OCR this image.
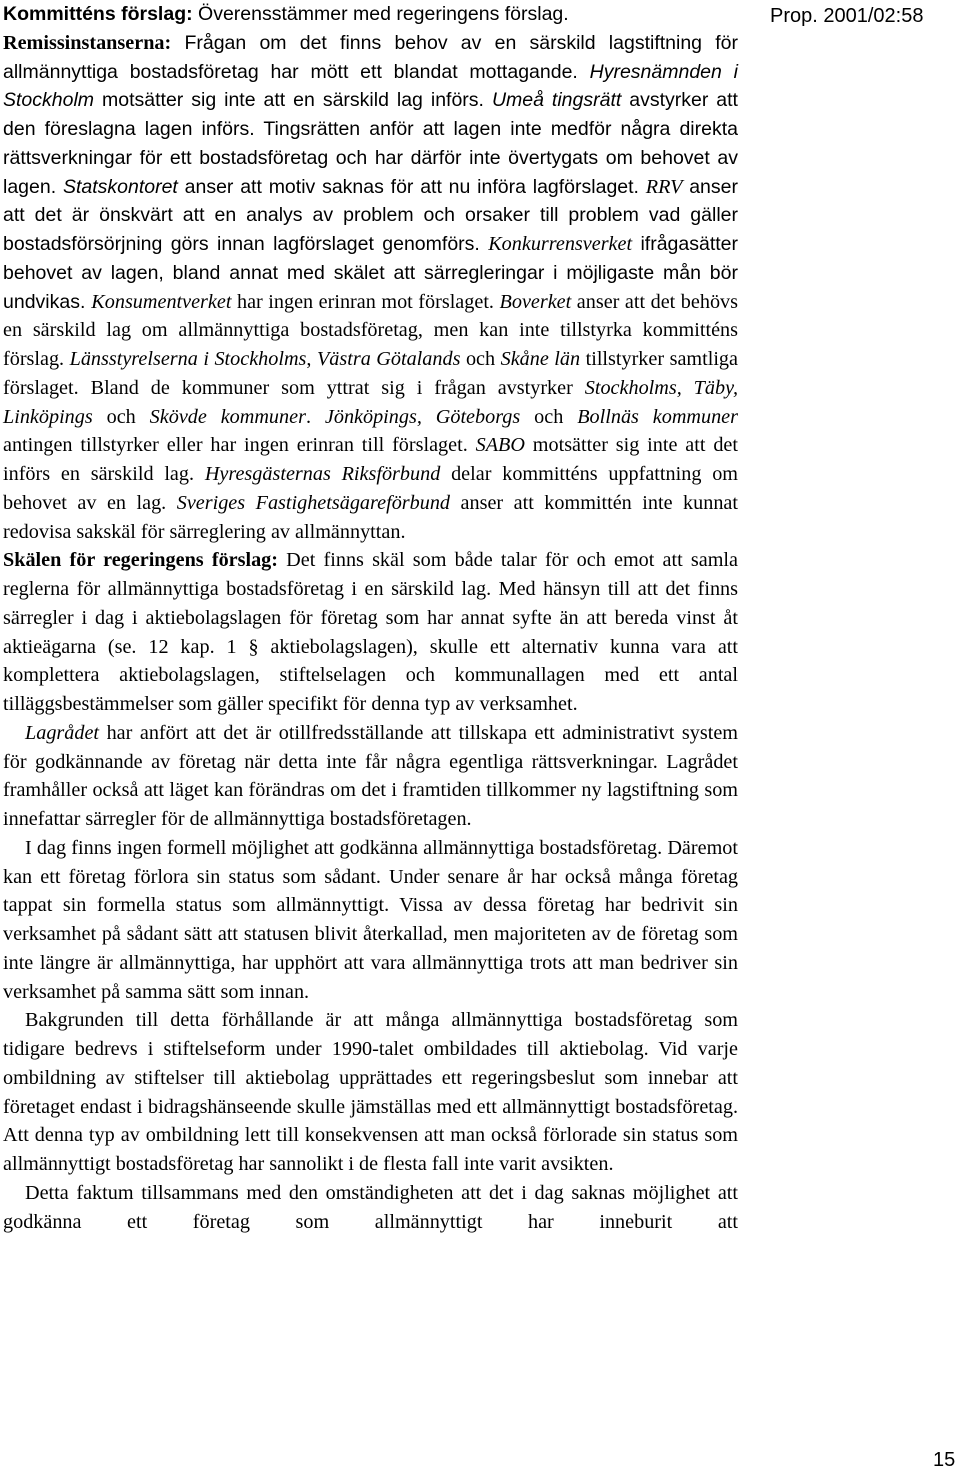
Prop. 2001/02:58

Kommitténs förslag: Överensstämmer med regeringens förslag.

Remissinstanserna: Frågan om det finns behov av en särskild lagstiftning för allmännyttiga bostadsföretag har mött ett blandat mottagande. Hyresnämnden i Stockholm motsätter sig inte att en särskild lag införs. Umeå tingsrätt avstyrker att den föreslagna lagen införs. Tingsrätten anför att lagen inte medför några direkta rättsverkningar för ett bostadsföretag och har därför inte övertygats om behovet av lagen. Statskontoret anser att motiv saknas för att nu införa lagförslaget. RRV anser att det är önskvärt att en analys av problem och orsaker till problem vad gäller bostadsförsörjning görs innan lagförslaget genomförs. Konkurrensverket ifrågasätter behovet av lagen, bland annat med skälet att särregleringar i möjligaste mån bör undvikas. Konsumentverket har ingen erinran mot förslaget. Boverket anser att det behövs en särskild lag om allmännyttiga bostadsföretag, men kan inte tillstyrka kommitténs förslag. Länsstyrelserna i Stockholms, Västra Götalands och Skåne län tillstyrker samtliga förslaget. Bland de kommuner som yttrat sig i frågan avstyrker Stockholms, Täby, Linköpings och Skövde kommuner. Jönköpings, Göteborgs och Bollnäs kommuner antingen tillstyrker eller har ingen erinran till förslaget. SABO motsätter sig inte att det införs en särskild lag. Hyresgästernas Riksförbund delar kommitténs uppfattning om behovet av en lag. Sveriges Fastighetsägareförbund anser att kommittén inte kunnat redovisa sakskäl för särreglering av allmännyttan.

Skälen för regeringens förslag: Det finns skäl som både talar för och emot att samla reglerna för allmännyttiga bostadsföretag i en särskild lag. Med hänsyn till att det finns särregler i dag i aktiebolagslagen för företag som har annat syfte än att bereda vinst åt aktieägarna (se. 12 kap. 1 § aktiebolagslagen), skulle ett alternativ kunna vara att komplettera aktiebolagslagen, stiftelselagen och kommunallagen med ett antal tilläggsbestämmelser som gäller specifikt för denna typ av verksamhet.

Lagrådet har anfört att det är otillfredsställande att tillskapa ett administrativt system för godkännande av företag när detta inte får några egentliga rättsverkningar. Lagrådet framhåller också att läget kan förändras om det i framtiden tillkommer ny lagstiftning som innefattar särregler för de allmännyttiga bostadsföretagen.

I dag finns ingen formell möjlighet att godkänna allmännyttiga bostadsföretag. Däremot kan ett företag förlora sin status som sådant. Under senare år har också många företag tappat sin formella status som allmännyttigt. Vissa av dessa företag har bedrivit sin verksamhet på sådant sätt att statusen blivit återkallad, men majoriteten av de företag som inte längre är allmännyttiga, har upphört att vara allmännyttiga trots att man bedriver sin verksamhet på samma sätt som innan.

Bakgrunden till detta förhållande är att många allmännyttiga bostadsföretag som tidigare bedrevs i stiftelseform under 1990-talet ombildades till aktiebolag. Vid varje ombildning av stiftelser till aktiebolag upprättades ett regeringsbeslut som innebar att företaget endast i bidragshänseende skulle jämställas med ett allmännyttigt bostadsföretag. Att denna typ av ombildning lett till konsekvensen att man också förlorade sin status som allmännyttigt bostadsföretag har sannolikt i de flesta fall inte varit avsikten.

Detta faktum tillsammans med den omständigheten att det i dag saknas möjlighet att godkänna ett företag som allmännyttigt har inneburit att

15
